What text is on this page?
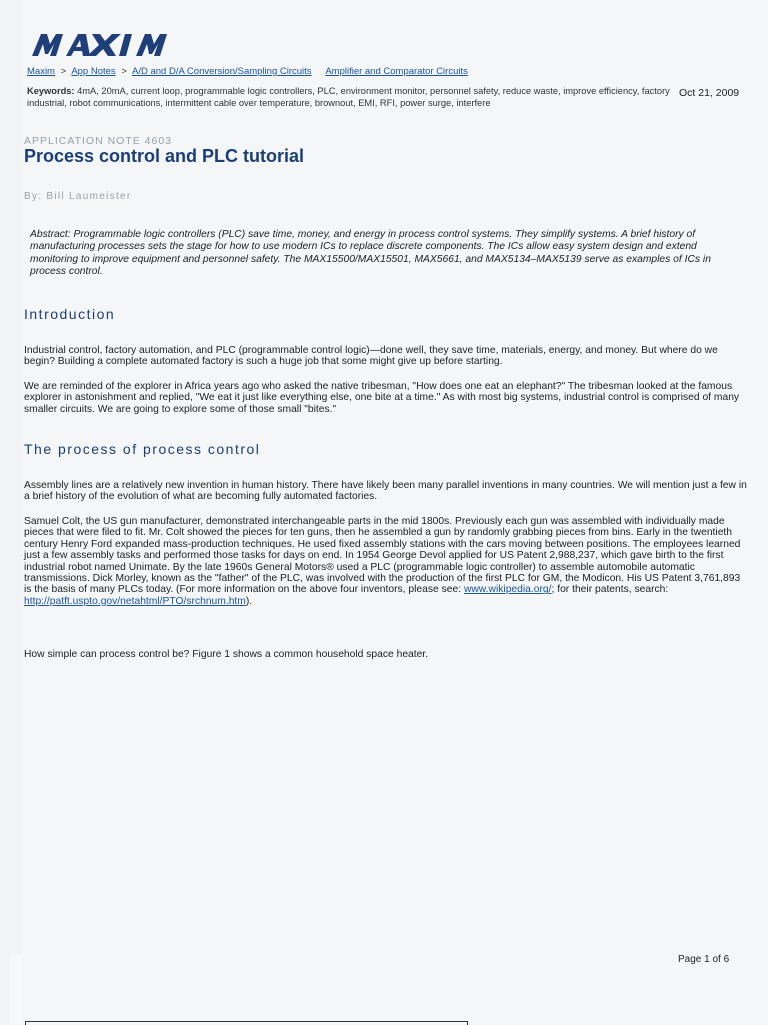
Maxim > App Notes > A/D and D/A Conversion/Sampling Circuits Amplifier and Comparator Circuits
Keywords: 4mA, 20mA, current loop, programmable logic controllers, PLC, environment monitor, personnel safety, reduce waste, improve efficiency, factory industrial, robot communications, intermittent cable over temperature, brownout, EMI, RFI, power surge, interfere
Oct 21, 2009
APPLICATION NOTE 4603
Process control and PLC tutorial
By: Bill Laumeister

Abstract: Programmable logic controllers (PLC) save time, money, and energy in process control systems. They simplify systems. A brief history of manufacturing processes sets the stage for how to use modern ICs to replace discrete components. The ICs allow easy system design and extend monitoring to improve equipment and personnel safety. The MAX15500/MAX15501, MAX5661, and MAX5134–MAX5139 serve as examples of ICs in process control.

Introduction

Industrial control, factory automation, and PLC (programmable control logic)—done well, they save time, materials, energy, and money. But where do we begin? Building a complete automated factory is such a huge job that some might give up before starting.

We are reminded of the explorer in Africa years ago who asked the native tribesman, "How does one eat an elephant?" The tribesman looked at the famous explorer in astonishment and replied, "We eat it just like everything else, one bite at a time." As with most big systems, industrial control is comprised of many smaller circuits. We are going to explore some of those small "bites."

The process of process control

Assembly lines are a relatively new invention in human history. There have likely been many parallel inventions in many countries. We will mention just a few in a brief history of the evolution of what are becoming fully automated factories.

Samuel Colt, the US gun manufacturer, demonstrated interchangeable parts in the mid 1800s. Previously each gun was assembled with individually made pieces that were filed to fit. Mr. Colt showed the pieces for ten guns, then he assembled a gun by randomly grabbing pieces from bins. Early in the twentieth century Henry Ford expanded mass-production techniques. He used fixed assembly stations with the cars moving between positions. The employees learned just a few assembly tasks and performed those tasks for days on end. In 1954 George Devol applied for US Patent 2,988,237, which gave birth to the first industrial robot named Unimate. By the late 1960s General Motors® used a PLC (programmable logic controller) to assemble automobile automatic transmissions. Dick Morley, known as the "father" of the PLC, was involved with the production of the first PLC for GM, the Modicon. His US Patent 3,761,893 is the basis of many PLCs today. (For more information on the above four inventors, please see: www.wikipedia.org/; for their patents, search: http://patft.uspto.gov/netahtml/PTO/srchnum.htm).

How simple can process control be? Figure 1 shows a common household space heater.

Page 1 of 6
